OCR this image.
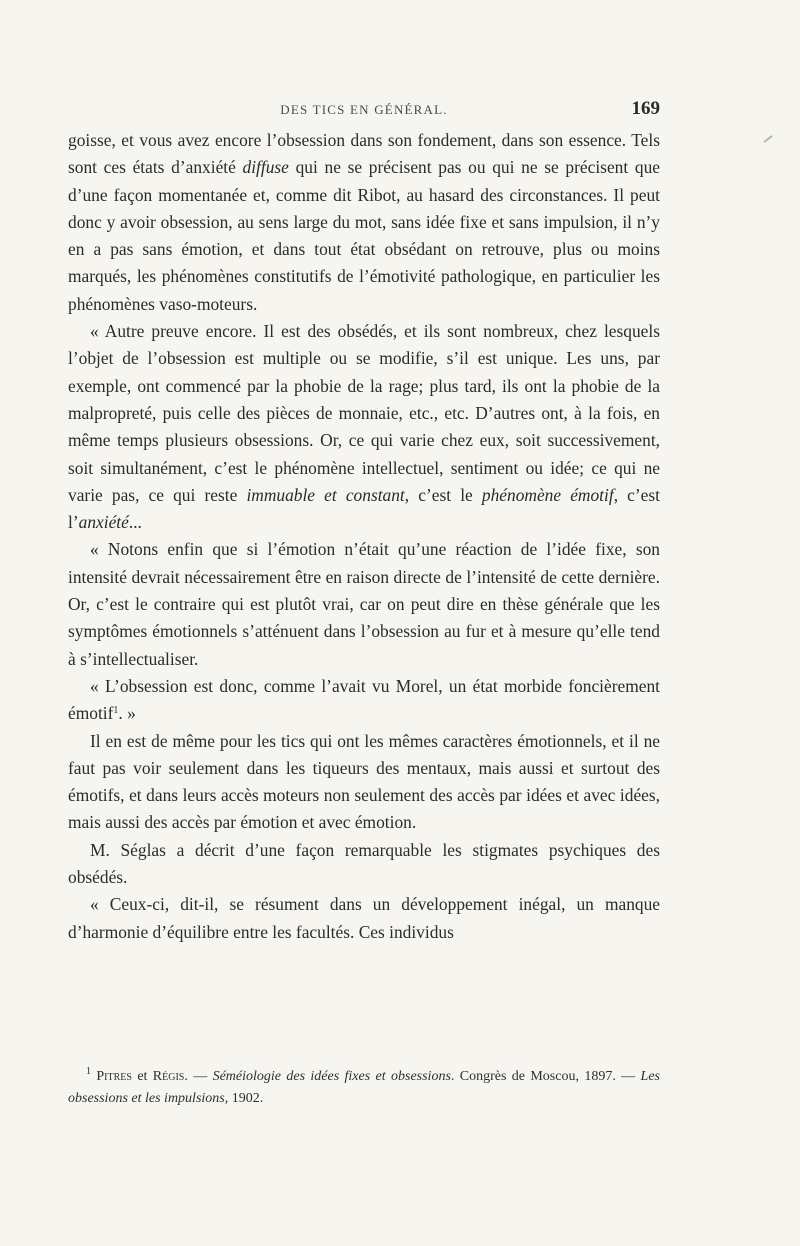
DES TICS EN GÉNÉRAL.	169

goisse, et vous avez encore l’obsession dans son fondement, dans son essence. Tels sont ces états d’anxiété diffuse qui ne se précisent pas ou qui ne se précisent que d’une façon momentanée et, comme dit Ribot, au hasard des circonstances. Il peut donc y avoir obsession, au sens large du mot, sans idée fixe et sans impulsion, il n’y en a pas sans émotion, et dans tout état obsédant on retrouve, plus ou moins marqués, les phénomènes constitutifs de l’émotivité pathologique, en particulier les phénomènes vaso-moteurs.

« Autre preuve encore. Il est des obsédés, et ils sont nombreux, chez lesquels l’objet de l’obsession est multiple ou se modifie, s’il est unique. Les uns, par exemple, ont commencé par la phobie de la rage; plus tard, ils ont la phobie de la malpropreté, puis celle des pièces de monnaie, etc., etc. D’autres ont, à la fois, en même temps plusieurs obsessions. Or, ce qui varie chez eux, soit successivement, soit simultanément, c’est le phénomène intellectuel, sentiment ou idée; ce qui ne varie pas, ce qui reste immuable et constant, c’est le phénomène émotif, c’est l’anxiété...

« Notons enfin que si l’émotion n’était qu’une réaction de l’idée fixe, son intensité devrait nécessairement être en raison directe de l’intensité de cette dernière. Or, c’est le contraire qui est plutôt vrai, car on peut dire en thèse générale que les symptômes émotionnels s’atténuent dans l’obsession au fur et à mesure qu’elle tend à s’intellectualiser.

« L’obsession est donc, comme l’avait vu Morel, un état morbide foncièrement émotif$^1$. »

Il en est de même pour les tics qui ont les mêmes caractères émotionnels, et il ne faut pas voir seulement dans les tiqueurs des mentaux, mais aussi et surtout des émotifs, et dans leurs accès moteurs non seulement des accès par idées et avec idées, mais aussi des accès par émotion et avec émotion.

M. Séglas a décrit d’une façon remarquable les stigmates psychiques des obsédés.

« Ceux-ci, dit-il, se résument dans un développement inégal, un manque d’harmonie d’équilibre entre les facultés. Ces individus

$^1$ Pitres et Régis. — Séméiologie des idées fixes et obsessions. Congrès de Moscou, 1897. — Les obsessions et les impulsions, 1902.
